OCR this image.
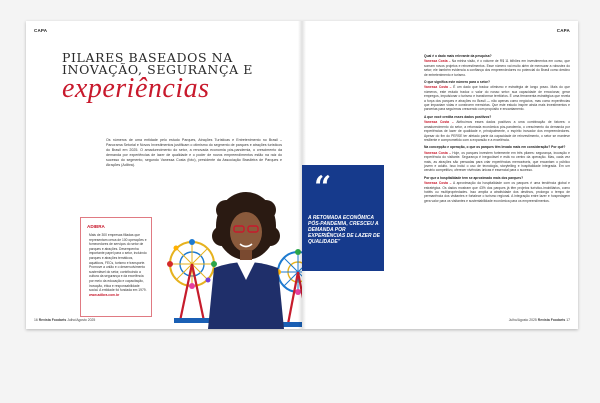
CAPA
PILARES BASEADOS NA
INOVAÇÃO, SEGURANÇA E
experiências
Os números de uma entidade pelo estudo Parques, Atrações Turísticas e Entretenimento no Brasil – Panorama Setorial e Novos Investimentos justificam o otimismo do segmento de parques e atrações turísticos do Brasil em 2025. O amadurecimento do setor, a renovada economia pós-pandemia, o crescimento da demanda por experiências de lazer de qualidade e o poder de novos empreendimentos estão na raiz do sucesso do segmento, segundo Vanessa Costa (foto), presidente da Associação Brasileira de Parques e Atrações (Adibra).
ADIBRA
Mais de 300 empresas filiadas que representam cerca de 100 operações e fornecedores de serviços do setor de parques e atrações. Desempenha importante papel para o setor, incluindo parques e atrações temáticos, aquáticos, FECs, turismo e transporte. Promove a união e o desenvolvimento sustentável do setor, contribuindo a cultura da segurança e da excelência por meio da educação e capacitação, inovação, ética e responsabilidade social. A entidade foi fundada em 1979.
www.adibra.com.br
16 Revista Foodarts Julho/Agosto 2025
CAPA
“
A RETOMADA ECONÔMICA PÓS-PANDEMIA, CRESCEU A DEMANDA POR EXPERIÊNCIAS DE LAZER DE QUALIDADE”
Qual é o dado mais relevante da pesquisa?
Vanessa Costa – Na minha visão, é o volume de R$ 11 bilhões em investimentos em curso, que somam novos projetos e reinvestimentos. Esse número vai muito além de mensurar a robustez do setor; ele também evidencia a confiança dos empreendedores no potencial do Brasil como destino de entretenimento e turismo.
O que significa este número para o setor?
Vanessa Costa – É um dado que traduz otimismo e estratégia de longo prazo. Mais do que números, este estudo traduz o valor do nosso setor: sua capacidade de emocionar, gerar empregos, impulsionar o turismo e transformar territórios. É uma ferramenta estratégica que revela a força dos parques e atrações no Brasil — não apenas como negócios, mas como experiências que impactam vidas e constroem memórias. Que este estudo inspire ainda mais investimentos e parcerias para seguirmos crescendo com propósito e encantamento.
A que você credita esses dados positivos?
Vanessa Costa – Atribuímos esses dados positivos a uma combinação de fatores: o amadurecimento do setor, a retomada econômica pós-pandemia, o crescimento da demanda por experiências de lazer de qualidade e, principalmente, o espírito inovador dos empreendedores. Apesar do fim do PERSE ter afetado parte da capacidade de reinvestimento, o setor se manteve resiliente e comprometido com a expansão e a excelência.
Na concepção e operação, o que os parques têm levado mais em consideração? Por quê?
Vanessa Costa – Hoje, os parques investem fortemente em três pilares: segurança, inovação e experiência do visitante. Segurança é inegociável e está no centro da operação. Mas, cada vez mais, as atrações são pensadas para criar experiências memoráveis, que encantam o público jovem e adulto. Isso inclui o uso de tecnologia, storytelling e hospitalidade integrada. Em um cenário competitivo, oferecer vivências únicas é essencial para o sucesso.
Por que a hospitalidade tem se aproximado mais dos parques?
Vanessa Costa – A aproximação da hospitalidade com os parques é uma tendência global e estratégica. Os dados mostram que 43% dos parques já têm projetos turístico-imobiliários, como hotéis ou multipropriedades. Isso amplia a atratividade dos destinos, prolonga o tempo de permanência dos visitantes e fortalece o turismo regional. A integração entre lazer e hospedagem gera valor para os visitantes e sustentabilidade econômica para os empreendimentos.
Julho/Agosto 2025 Revista Foodarts 17
